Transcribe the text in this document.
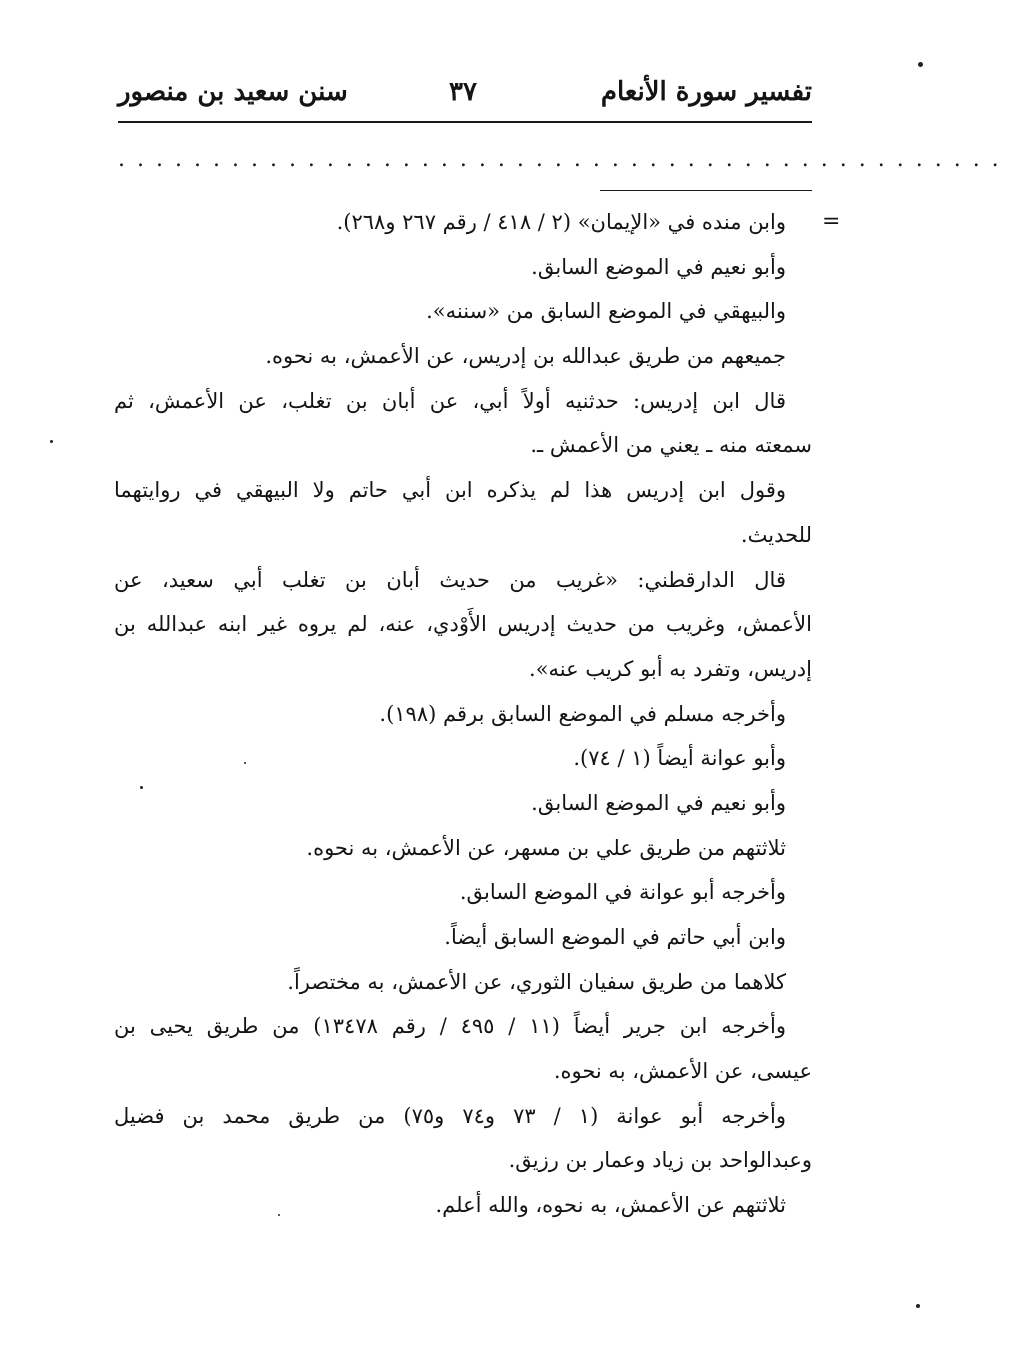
تفسير سورة الأنعام
٣٧
سنن سعيد بن منصور
...............................................
=
وابن منده في «الإيمان» (٢ / ٤١٨ / رقم ٢٦٧ و٢٦٨).
وأبو نعيم في الموضع السابق.
والبيهقي في الموضع السابق من «سننه».
جميعهم من طريق عبدالله بن إدريس، عن الأعمش، به نحوه.
قال ابن إدريس: حدثنيه أولاً أبي، عن أبان بن تغلب، عن الأعمش، ثم
سمعته منه ـ يعني من الأعمش ـ.
وقول ابن إدريس هذا لم يذكره ابن أبي حاتم ولا البيهقي في روايتهما
للحديث.
قال الدارقطني: «غريب من حديث أبان بن تغلب أبي سعيد، عن
الأعمش، وغريب من حديث إدريس الأَوْدي، عنه، لم يروه غير ابنه عبدالله بن
إدريس، وتفرد به أبو كريب عنه».
وأخرجه مسلم في الموضع السابق برقم (١٩٨).
وأبو عوانة أيضاً (١ / ٧٤).
وأبو نعيم في الموضع السابق.
ثلاثتهم من طريق علي بن مسهر، عن الأعمش، به نحوه.
وأخرجه أبو عوانة في الموضع السابق.
وابن أبي حاتم في الموضع السابق أيضاً.
كلاهما من طريق سفيان الثوري، عن الأعمش، به مختصراً.
وأخرجه ابن جرير أيضاً (١١ / ٤٩٥ / رقم ١٣٤٧٨) من طريق يحيى بن
عيسى، عن الأعمش، به نحوه.
وأخرجه أبو عوانة (١ / ٧٣ و٧٤ و٧٥) من طريق محمد بن فضيل
وعبدالواحد بن زياد وعمار بن رزيق.
ثلاثتهم عن الأعمش، به نحوه، والله أعلم.
